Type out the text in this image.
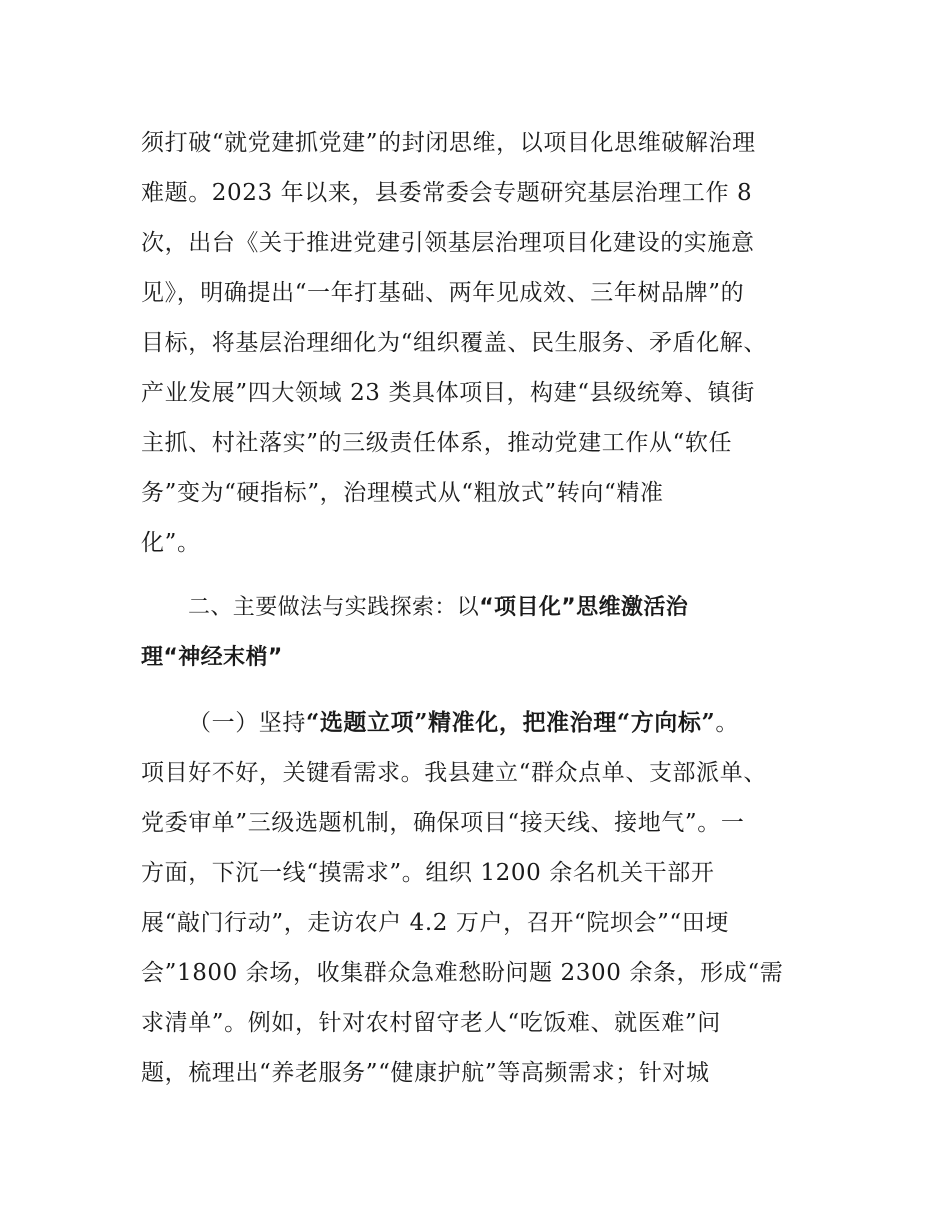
须打破“就党建抓党建”的封闭思维，以项目化思维破解治理
难题。2023 年以来，县委常委会专题研究基层治理工作 8
次，出台《关于推进党建引领基层治理项目化建设的实施意
见》，明确提出“一年打基础、两年见成效、三年树品牌”的
目标，将基层治理细化为“组织覆盖、民生服务、矛盾化解、
产业发展”四大领域 23 类具体项目，构建“县级统筹、镇街
主抓、村社落实”的三级责任体系，推动党建工作从“软任
务”变为“硬指标”，治理模式从“粗放式”转向“精准
化”。
二、主要做法与实践探索：以“项目化”思维激活治
理“神经末梢”
（一）坚持“选题立项”精准化，把准治理“方向标”。
项目好不好，关键看需求。我县建立“群众点单、支部派单、
党委审单”三级选题机制，确保项目“接天线、接地气”。一
方面，下沉一线“摸需求”。组织 1200 余名机关干部开
展“敲门行动”，走访农户 4.2 万户，召开“院坝会”“田埂
会”1800 余场，收集群众急难愁盼问题 2300 余条，形成“需
求清单”。例如，针对农村留守老人“吃饭难、就医难”问
题，梳理出“养老服务”“健康护航”等高频需求；针对城
